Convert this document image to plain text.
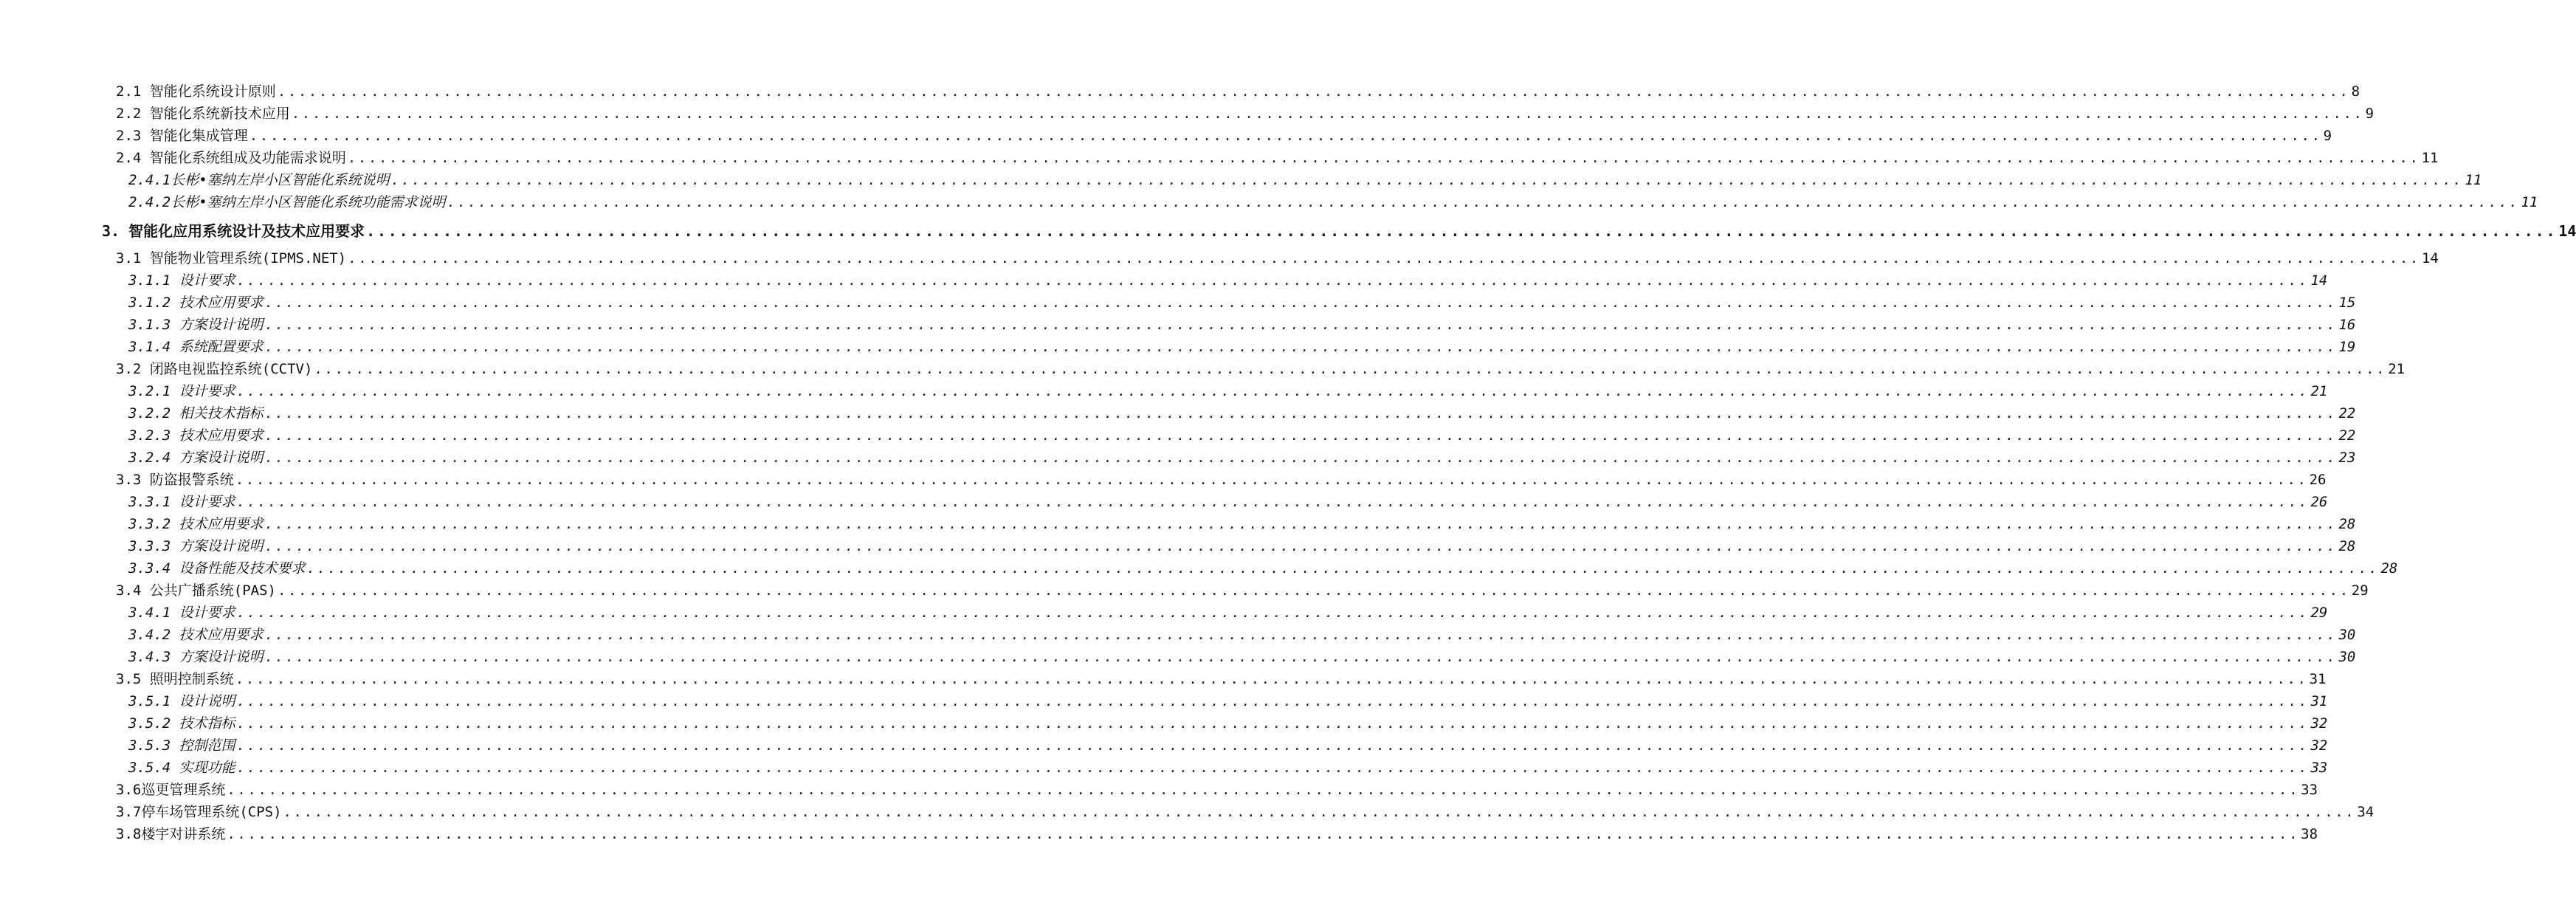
2.1 智能化系统设计原则 ........................................................................................................................................................................................................ 8
2.2 智能化系统新技术应用 ........................................................................................................................................................................................................ 9
2.3 智能化集成管理 ........................................................................................................................................................................................................ 9
2.4 智能化系统组成及功能需求说明 ........................................................................................................................................................................................................ 11
2.4.1长彬•塞纳左岸小区智能化系统说明 ........................................................................................................................................................................................................ 11
2.4.2长彬•塞纳左岸小区智能化系统功能需求说明 ........................................................................................................................................................................................................ 11
3. 智能化应用系统设计及技术应用要求 ........................................................................................................................................................................................................ 14
3.1 智能物业管理系统(IPMS.NET) ........................................................................................................................................................................................................ 14
3.1.1 设计要求 ........................................................................................................................................................................................................ 14
3.1.2 技术应用要求 ........................................................................................................................................................................................................ 15
3.1.3 方案设计说明 ........................................................................................................................................................................................................ 16
3.1.4 系统配置要求 ........................................................................................................................................................................................................ 19
3.2 闭路电视监控系统(CCTV) ........................................................................................................................................................................................................ 21
3.2.1 设计要求 ........................................................................................................................................................................................................ 21
3.2.2 相关技术指标 ........................................................................................................................................................................................................ 22
3.2.3 技术应用要求 ........................................................................................................................................................................................................ 22
3.2.4 方案设计说明 ........................................................................................................................................................................................................ 23
3.3 防盗报警系统 ........................................................................................................................................................................................................ 26
3.3.1 设计要求 ........................................................................................................................................................................................................ 26
3.3.2 技术应用要求 ........................................................................................................................................................................................................ 28
3.3.3 方案设计说明 ........................................................................................................................................................................................................ 28
3.3.4 设备性能及技术要求 ........................................................................................................................................................................................................ 28
3.4 公共广播系统(PAS) ........................................................................................................................................................................................................ 29
3.4.1 设计要求 ........................................................................................................................................................................................................ 29
3.4.2 技术应用要求 ........................................................................................................................................................................................................ 30
3.4.3 方案设计说明 ........................................................................................................................................................................................................ 30
3.5 照明控制系统 ........................................................................................................................................................................................................ 31
3.5.1 设计说明 ........................................................................................................................................................................................................ 31
3.5.2 技术指标 ........................................................................................................................................................................................................ 32
3.5.3 控制范围 ........................................................................................................................................................................................................ 32
3.5.4 实现功能 ........................................................................................................................................................................................................ 33
3.6巡更管理系统 ........................................................................................................................................................................................................ 33
3.7停车场管理系统(CPS) ........................................................................................................................................................................................................ 34
3.8楼宇对讲系统 ........................................................................................................................................................................................................ 38
